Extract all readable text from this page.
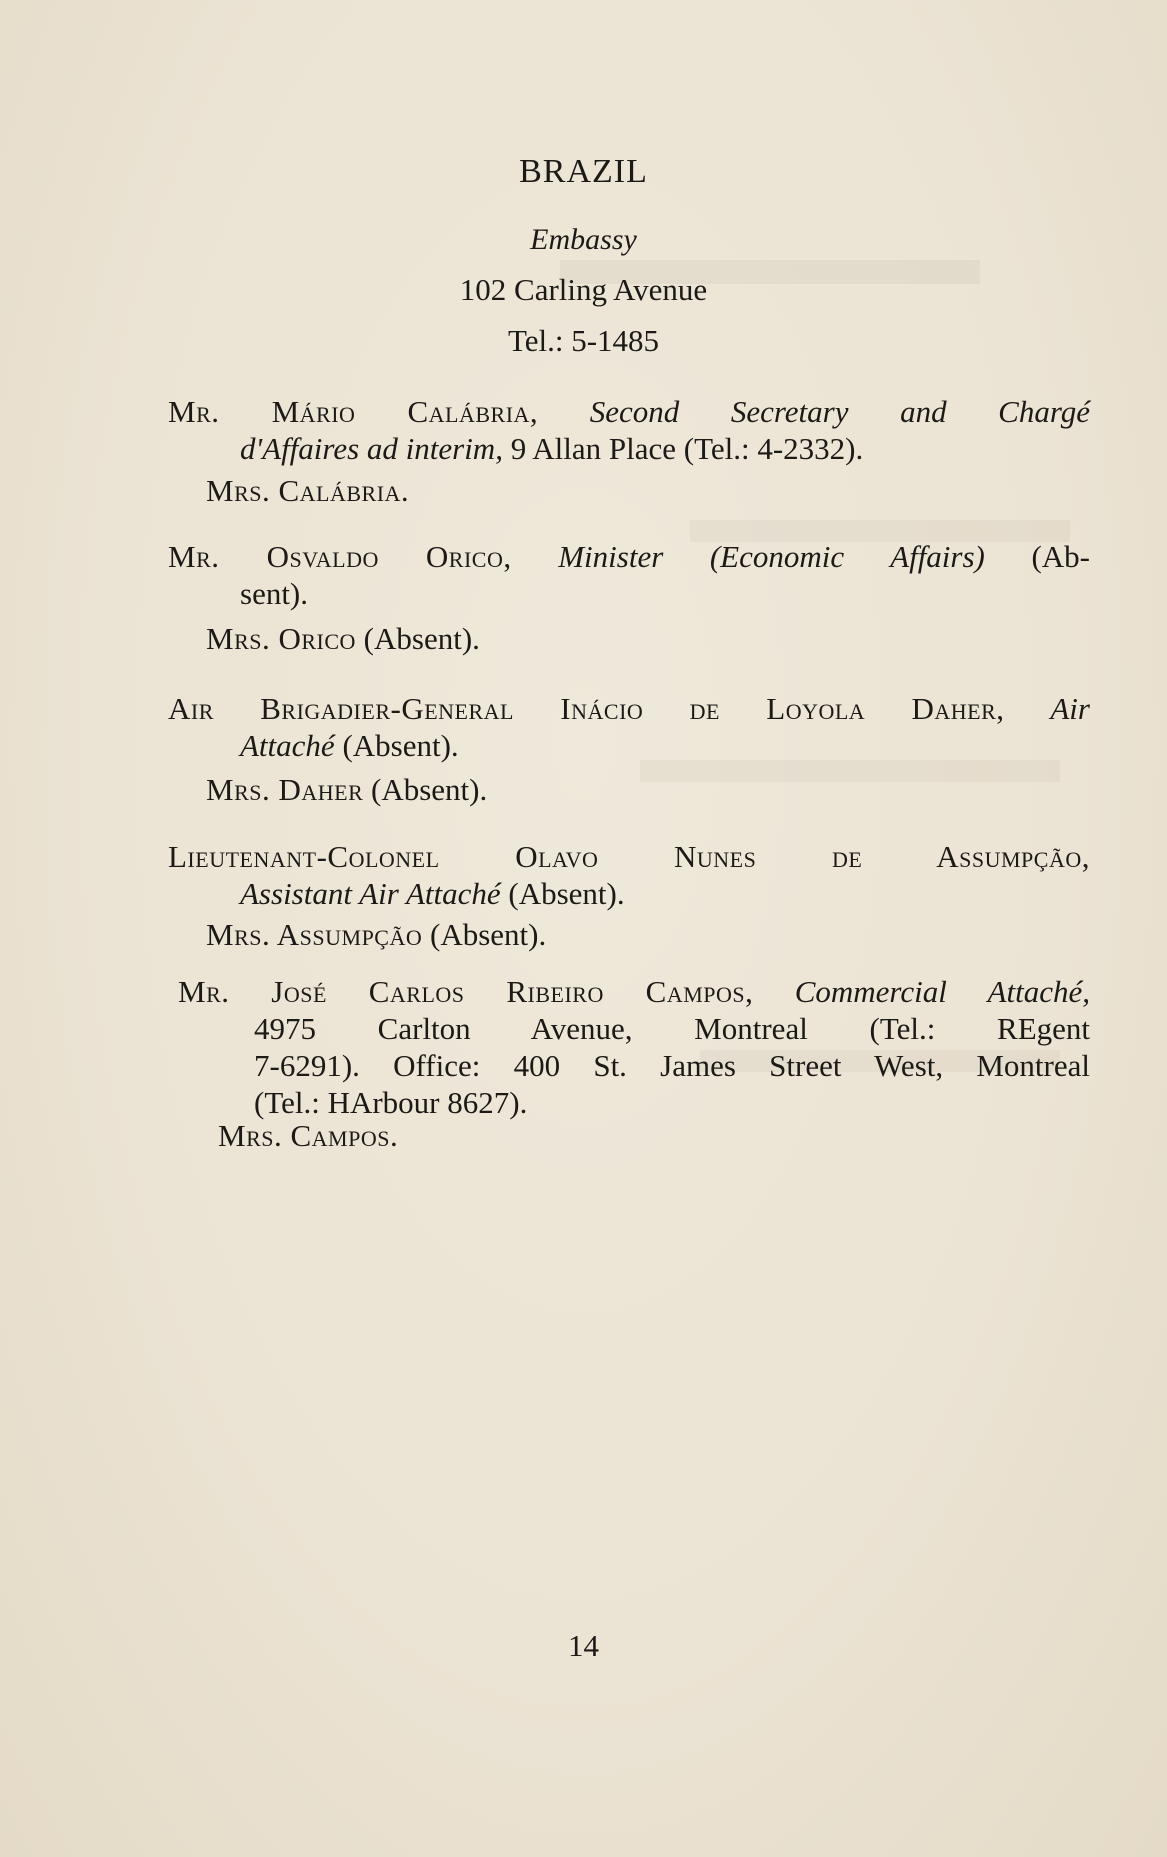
BRAZIL
Embassy
102 Carling Avenue
Tel.: 5-1485
Mr. Mário Calábria, Second Secretary and Chargé
d'Affaires ad interim, 9 Allan Place (Tel.: 4-2332).
Mrs. Calábria.
Mr. Osvaldo Orico, Minister (Economic Affairs) (Ab-
sent).
Mrs. Orico (Absent).
Air Brigadier-General Inácio de Loyola Daher, Air
Attaché (Absent).
Mrs. Daher (Absent).
Lieutenant-Colonel Olavo Nunes de Assumpção,
Assistant Air Attaché (Absent).
Mrs. Assumpção (Absent).
Mr. José Carlos Ribeiro Campos, Commercial Attaché,
4975 Carlton Avenue, Montreal (Tel.: REgent
7-6291). Office: 400 St. James Street West, Montreal
(Tel.: HArbour 8627).
Mrs. Campos.
14
